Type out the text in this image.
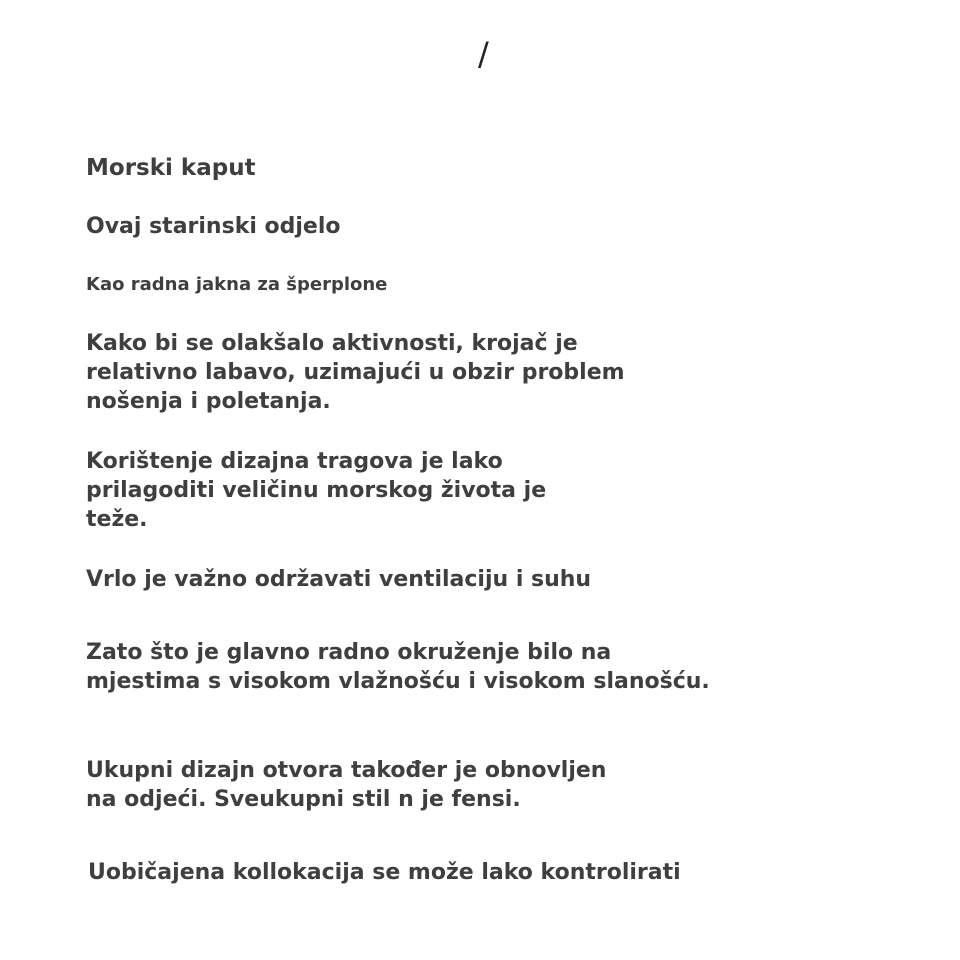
/
Morski kaput
Ovaj starinski odjelo
Kao radna jakna za šperplone

Kako bi se olakšalo aktivnosti, krojač je
relativno labavo, uzimajući u obzir problem
nošenja i poletanja.

Korištenje dizajna tragova je lako
prilagoditi veličinu morskog života je
teže.

Vrlo je važno održavati ventilaciju i suhu

Zato što je glavno radno okruženje bilo na
mjestima s visokom vlažnošću i visokom slanošću.

Ukupni dizajn otvora također je obnovljen
na odjeći. Sveukupni stil n je fensi.

Uobičajena kollokacija se može lako kontrolirati
